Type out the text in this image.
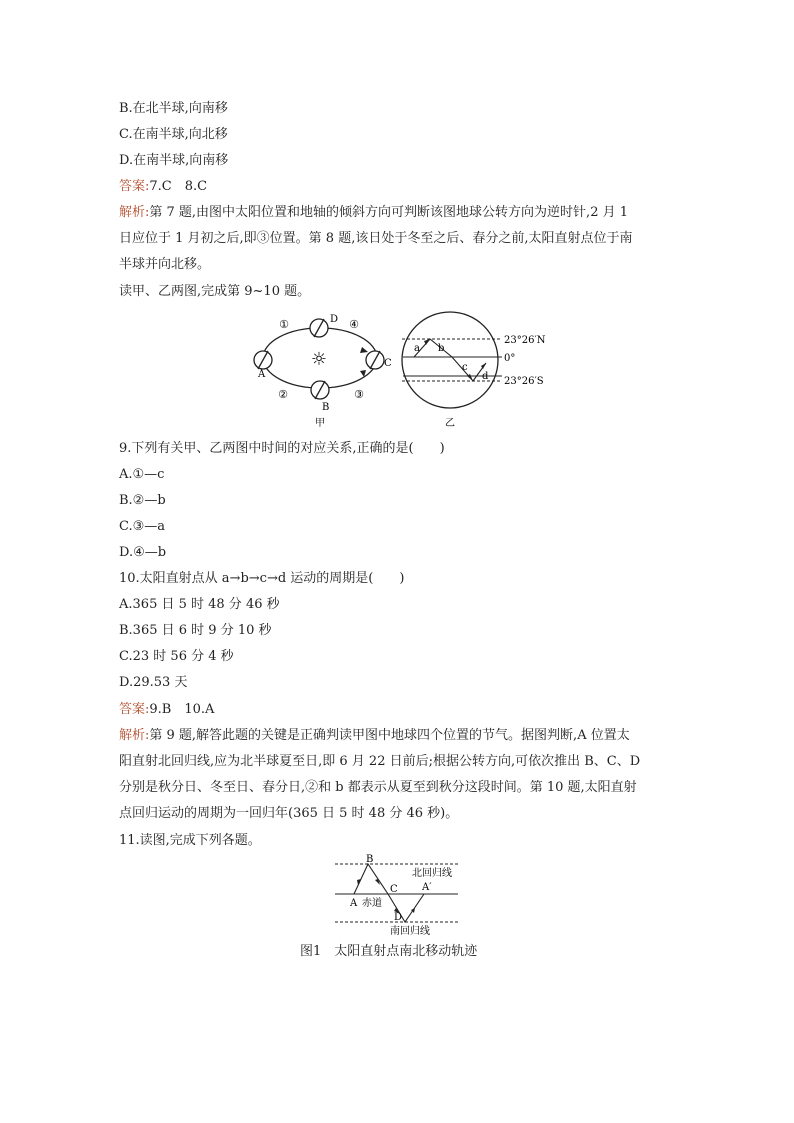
B.在北半球,向南移
C.在南半球,向北移
D.在南半球,向南移
答案:7.C　8.C
解析:第 7 题,由图中太阳位置和地轴的倾斜方向可判断该图地球公转方向为逆时针,2 月 1
日应位于 1 月初之后,即③位置。第 8 题,该日处于冬至之后、春分之前,太阳直射点位于南
半球并向北移。
读甲、乙两图,完成第 9~10 题。
☼
①	④
②	③
A
B
C
D
甲
a b
c
d
23°26′N
0°
23°26′S
乙
9.下列有关甲、乙两图中时间的对应关系,正确的是(　　)
A.①—c
B.②—b
C.③—a
D.④—b
10.太阳直射点从 a→b→c→d 运动的周期是(　　)
A.365 日 5 时 48 分 46 秒
B.365 日 6 时 9 分 10 秒
C.23 时 56 分 4 秒
D.29.53 天
答案:9.B　10.A
解析:第 9 题,解答此题的关键是正确判读甲图中地球四个位置的节气。据图判断,A 位置太
阳直射北回归线,应为北半球夏至日,即 6 月 22 日前后;根据公转方向,可依次推出 B、C、D
分别是秋分日、冬至日、春分日,②和 b 都表示从夏至到秋分这段时间。第 10 题,太阳直射
点回归运动的周期为一回归年(365 日 5 时 48 分 46 秒)。
11.读图,完成下列各题。
B
A
C
D
A′
北回归线
赤道
南回归线
图1　太阳直射点南北移动轨迹
